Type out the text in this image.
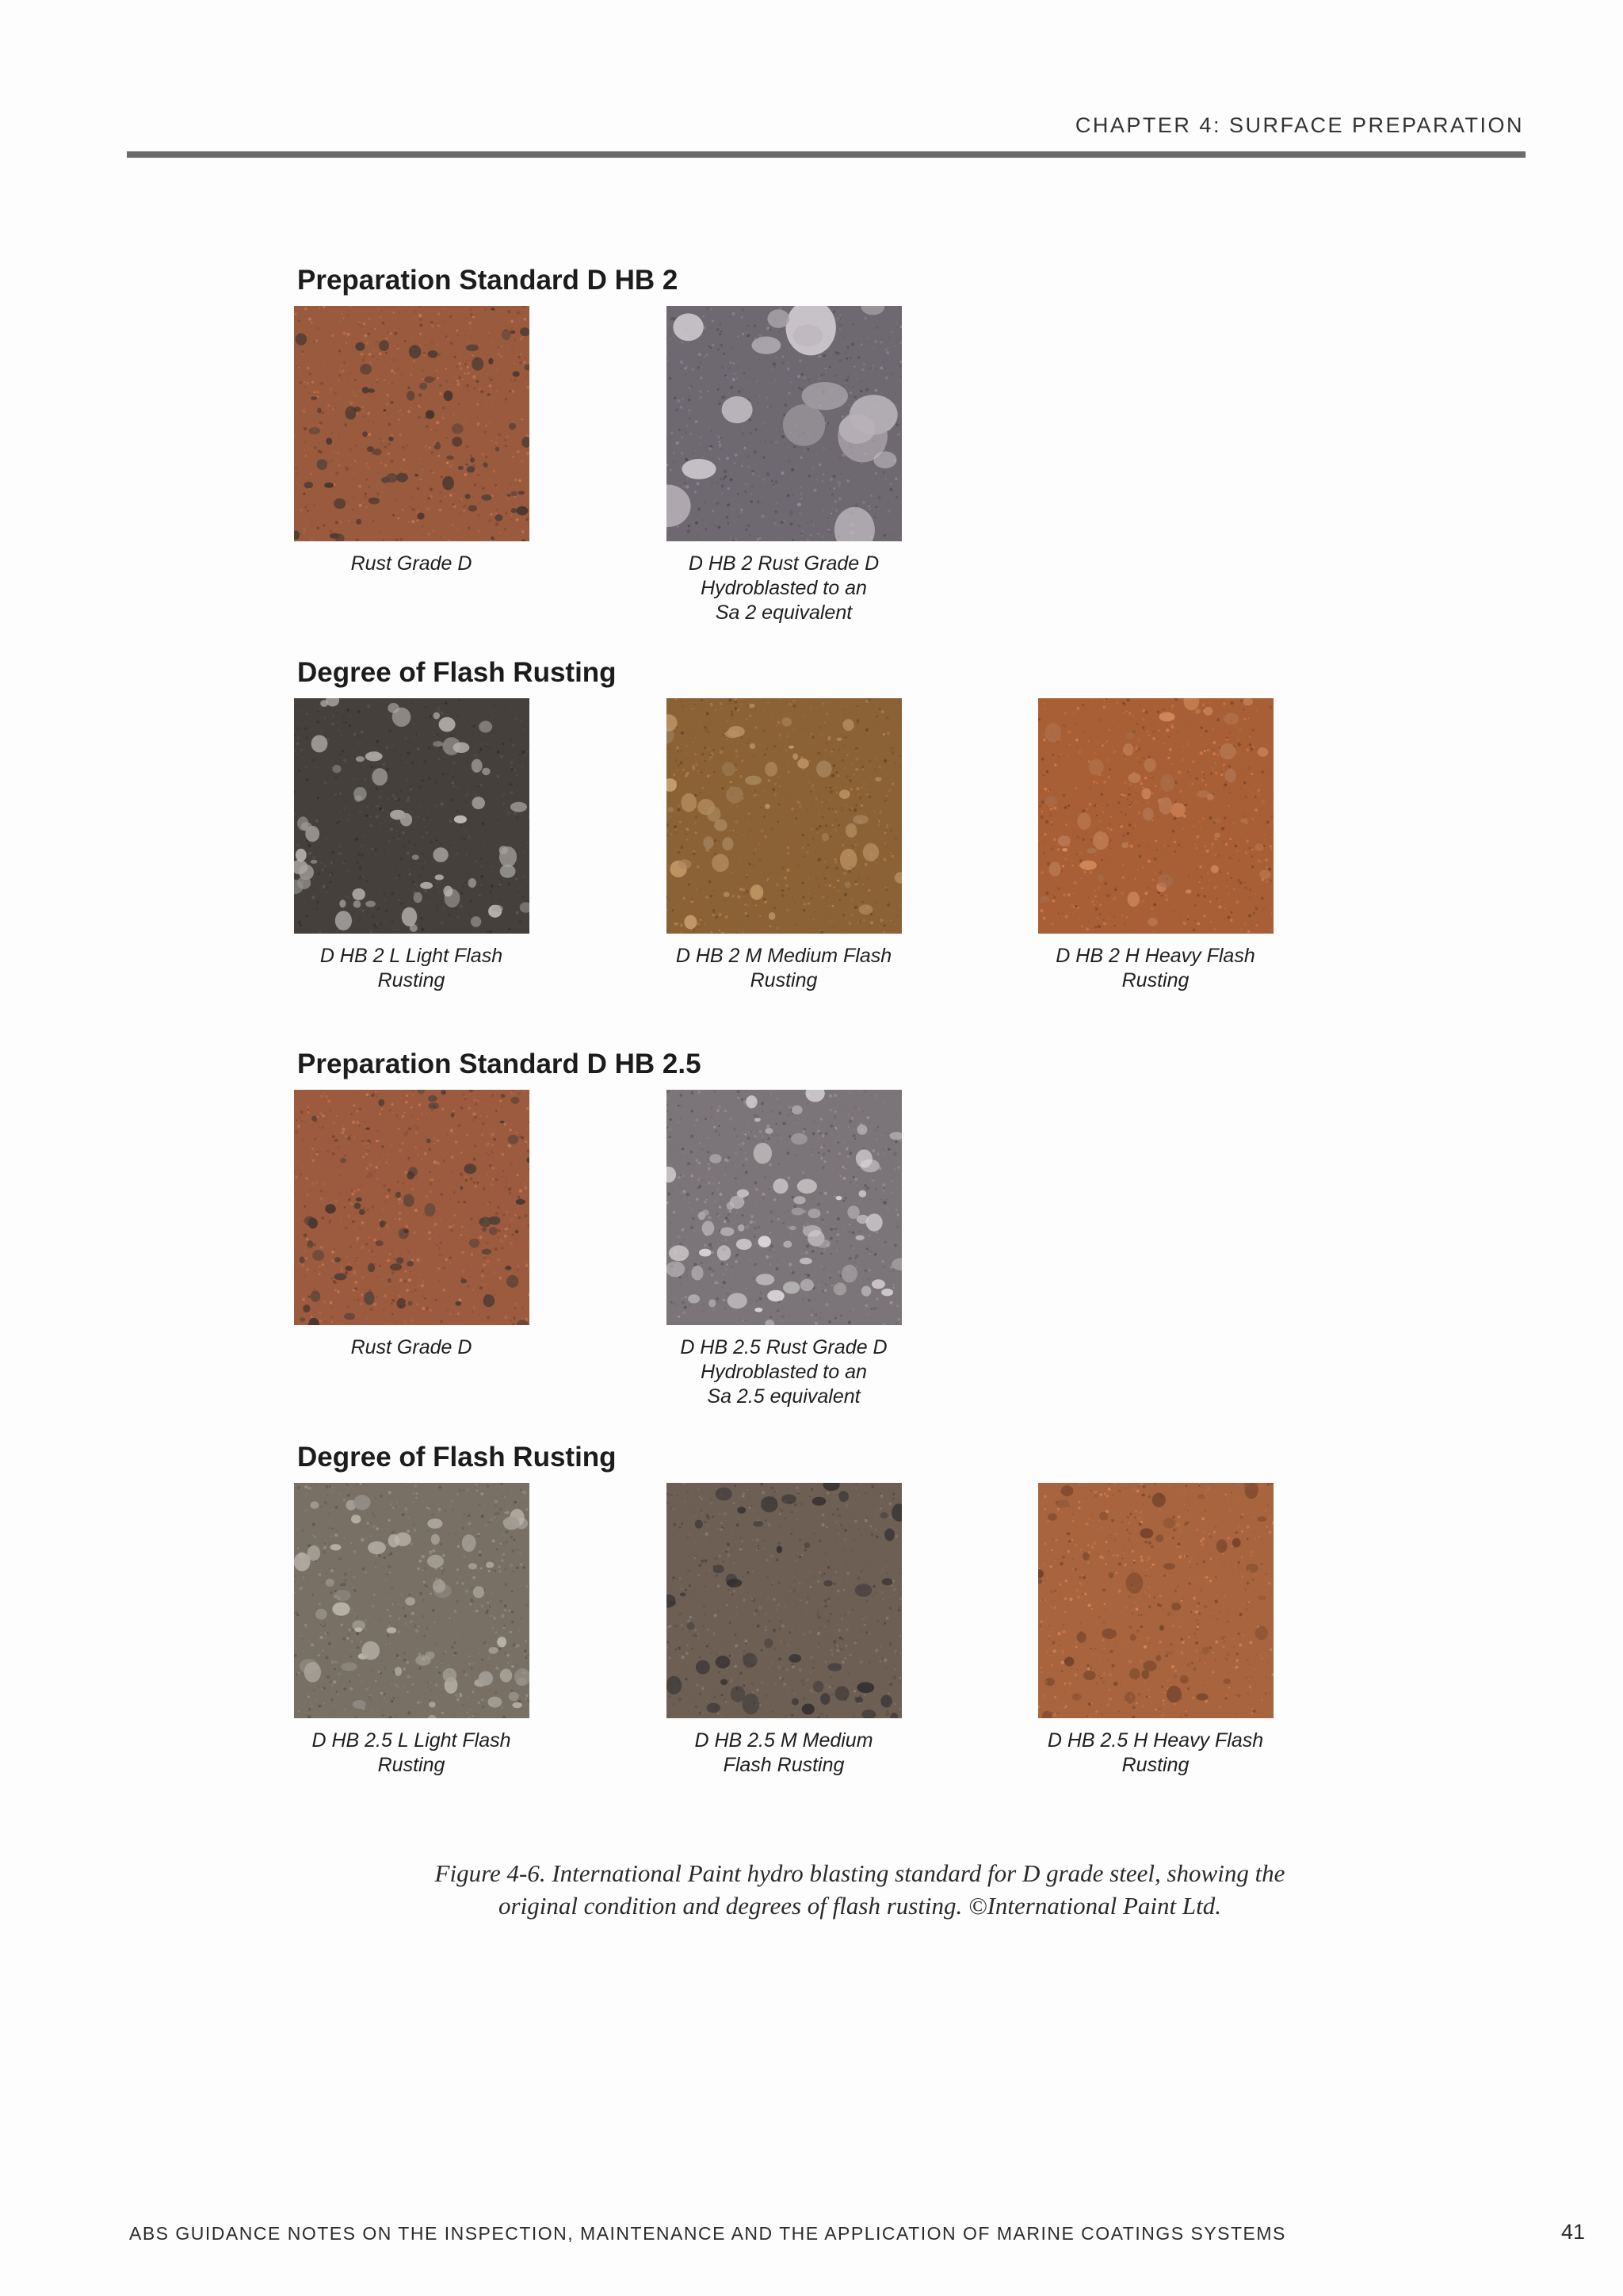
CHAPTER 4: SURFACE PREPARATION
Preparation Standard D HB 2
Degree of Flash Rusting
Preparation Standard D HB 2.5
Degree of Flash Rusting
Rust Grade D	D HB 2 Rust Grade D
Hydroblasted to an
Sa 2 equivalent
D HB 2 L Light Flash
Rusting
D HB 2 M Medium Flash
Rusting
D HB 2 H Heavy Flash
Rusting
Rust Grade D	D HB 2.5 Rust Grade D
Hydroblasted to an
Sa 2.5 equivalent
D HB 2.5 L Light Flash
Rusting
D HB 2.5 M Medium
Flash Rusting
D HB 2.5 H Heavy Flash
Rusting
Figure 4-6. International Paint hydro blasting standard for D grade steel, showing the
original condition and degrees of flash rusting. ©International Paint Ltd.
ABS GUIDANCE NOTES ON THE INSPECTION, MAINTENANCE AND THE APPLICATION OF MARINE COATINGS SYSTEMS	41
